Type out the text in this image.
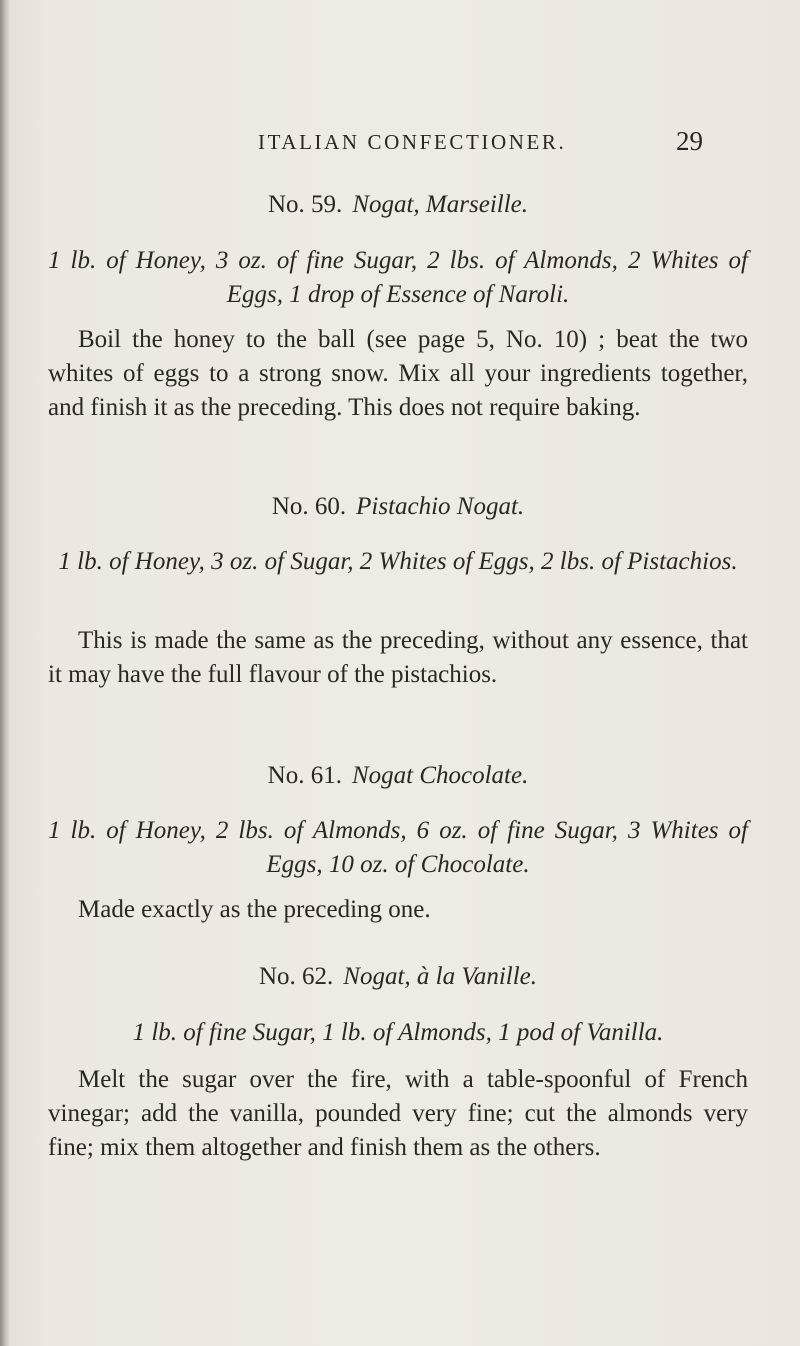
ITALIAN CONFECTIONER.	29
No. 59. Nogat, Marseille.
1 lb. of Honey, 3 oz. of fine Sugar, 2 lbs. of Almonds, 2 Whites of Eggs, 1 drop of Essence of Naroli.
Boil the honey to the ball (see page 5, No. 10) ; beat the two whites of eggs to a strong snow. Mix all your ingredients together, and finish it as the preceding. This does not require baking.
No. 60. Pistachio Nogat.
1 lb. of Honey, 3 oz. of Sugar, 2 Whites of Eggs, 2 lbs. of Pistachios.
This is made the same as the preceding, without any essence, that it may have the full flavour of the pistachios.
No. 61. Nogat Chocolate.
1 lb. of Honey, 2 lbs. of Almonds, 6 oz. of fine Sugar, 3 Whites of Eggs, 10 oz. of Chocolate.
Made exactly as the preceding one.
No. 62. Nogat, à la Vanille.
1 lb. of fine Sugar, 1 lb. of Almonds, 1 pod of Vanilla.
Melt the sugar over the fire, with a table-spoonful of French vinegar; add the vanilla, pounded very fine; cut the almonds very fine; mix them altogether and finish them as the others.
